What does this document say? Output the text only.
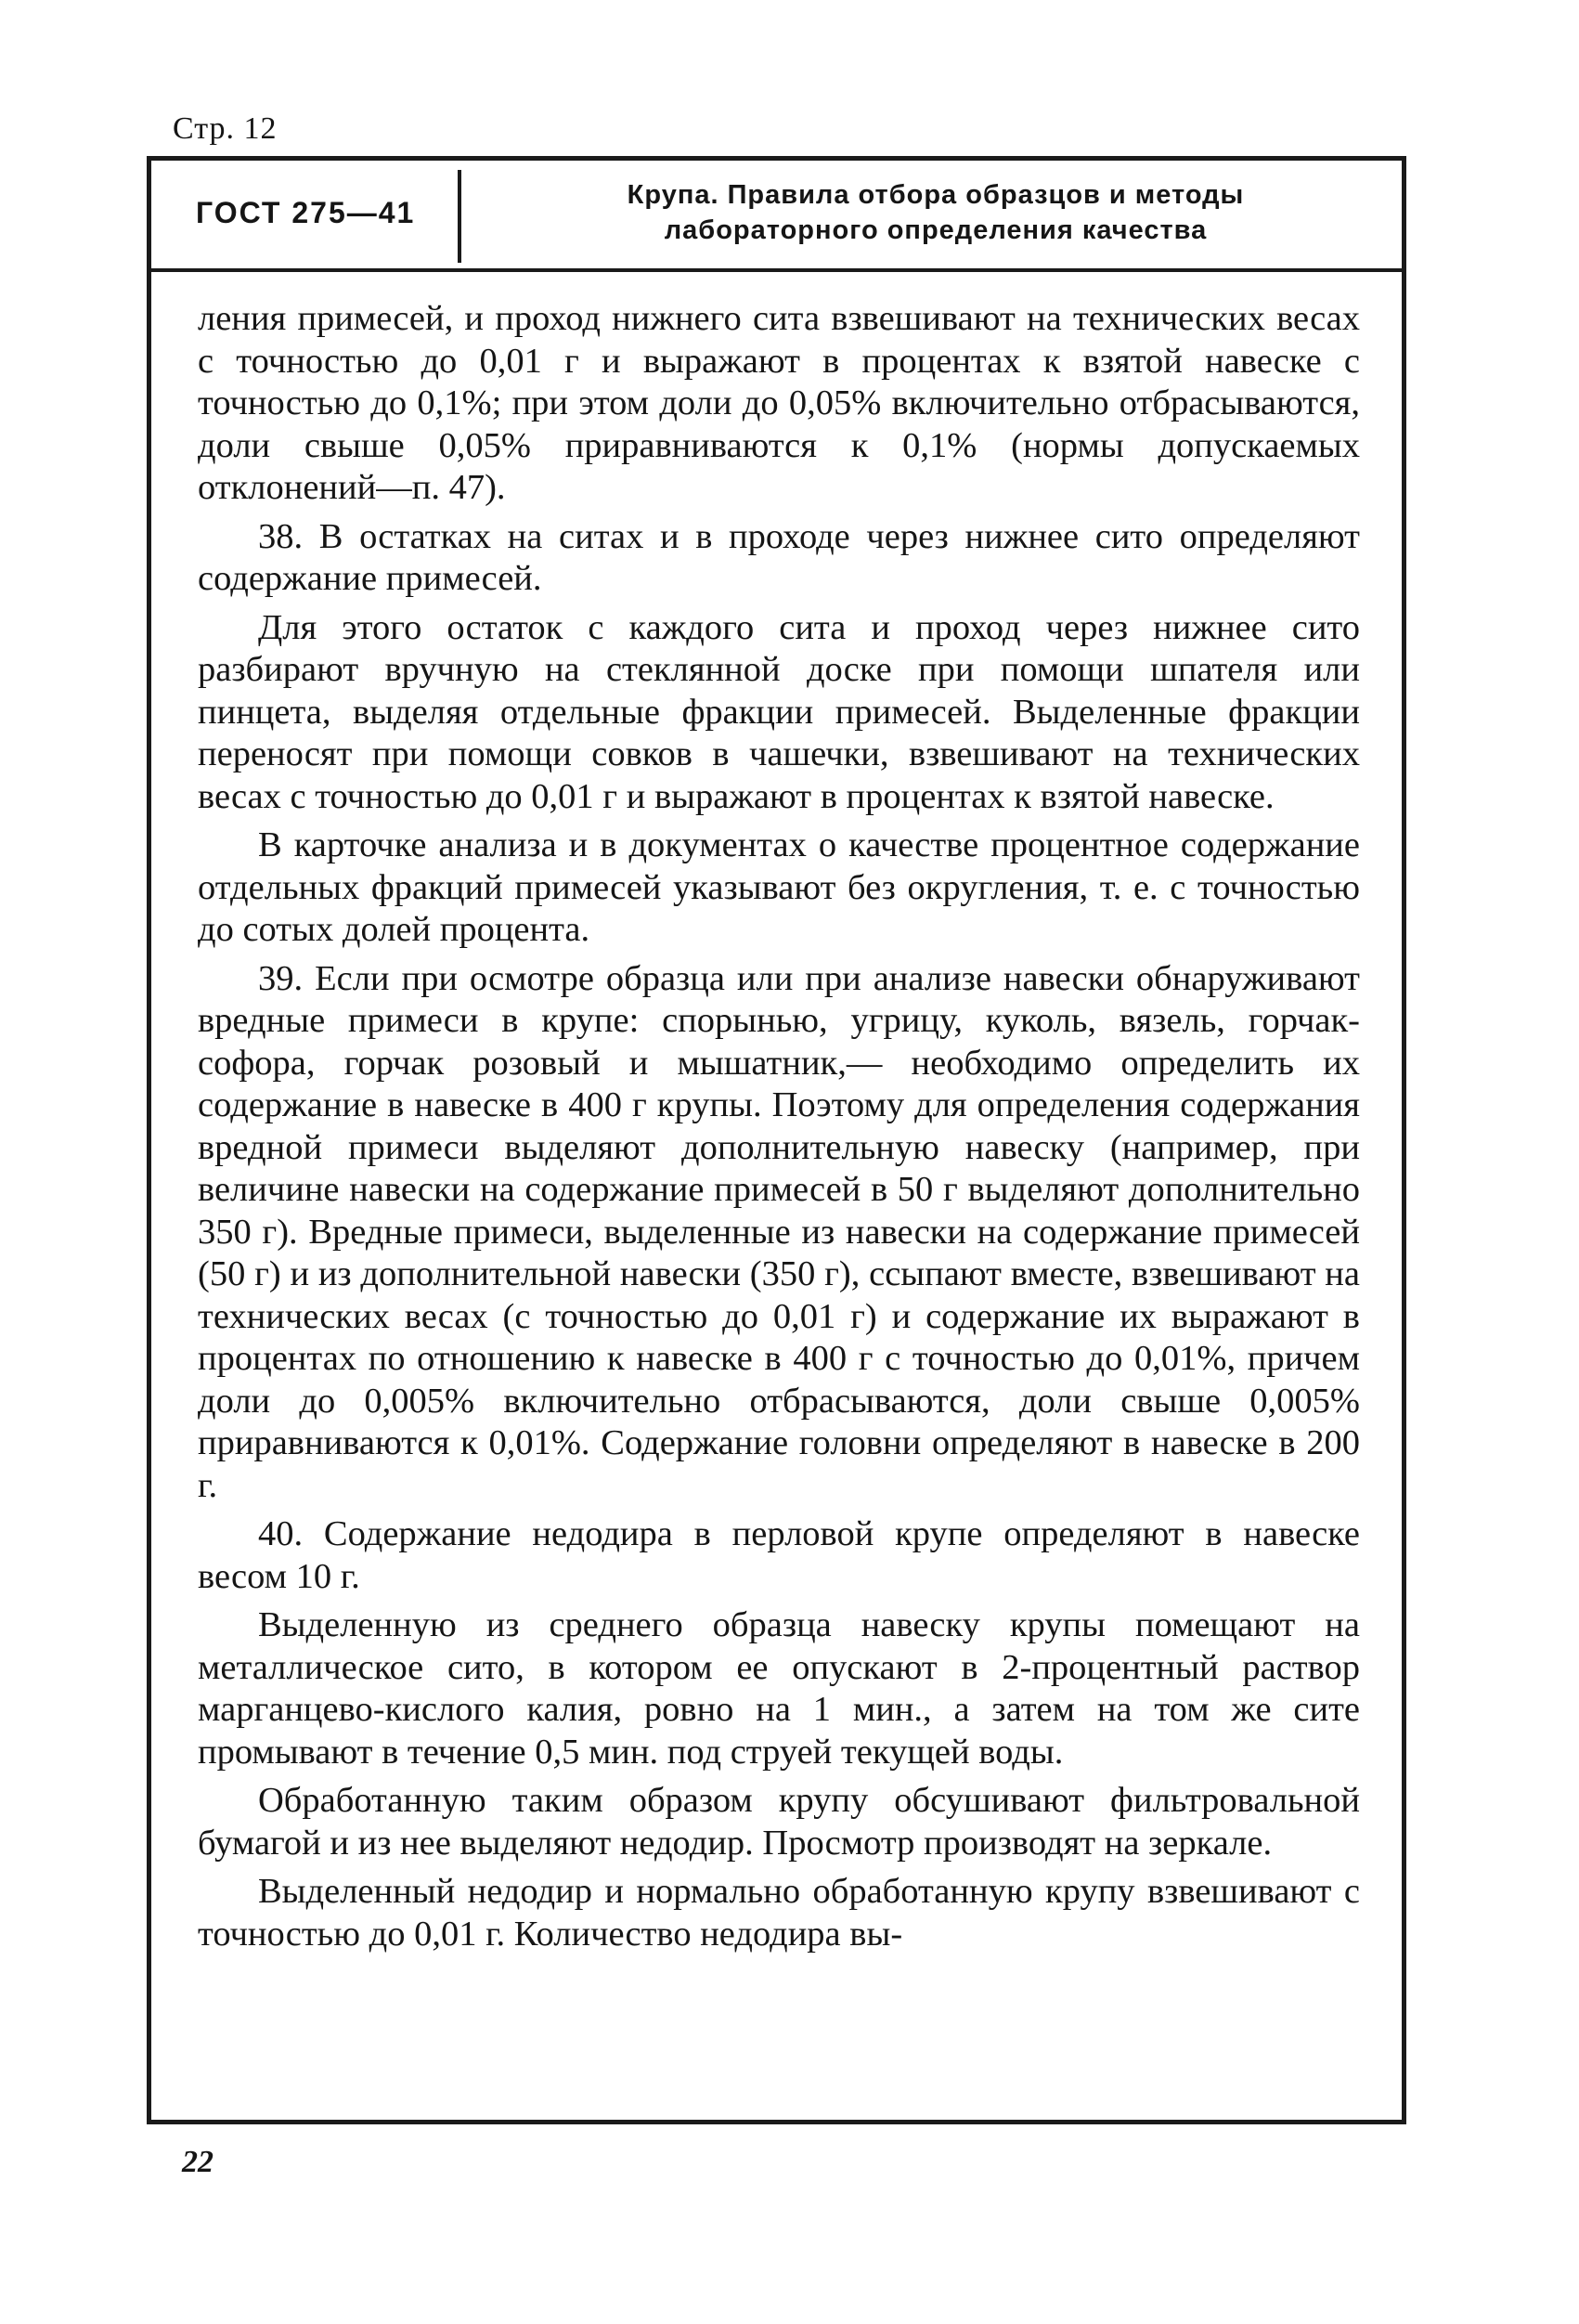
Стр. 12
ГОСТ 275—41
Крупа. Правила отбора образцов и методы
лабораторного определения качества

ления примесей, и проход нижнего сита взвешивают на технических весах с точностью до 0,01 г и выражают в процентах к взятой навеске с точностью до 0,1%; при этом доли до 0,05% включительно отбрасываются, доли свыше 0,05% приравниваются к 0,1% (нормы допускаемых отклонений—п. 47).

38. В остатках на ситах и в проходе через нижнее сито определяют содержание примесей.

Для этого остаток с каждого сита и проход через нижнее сито разбирают вручную на стеклянной доске при помощи шпателя или пинцета, выделяя отдельные фракции примесей. Выделенные фракции переносят при помощи совков в чашечки, взвешивают на технических весах с точностью до 0,01 г и выражают в процентах к взятой навеске.

В карточке анализа и в документах о качестве процентное содержание отдельных фракций примесей указывают без округления, т. е. с точностью до сотых долей процента.

39. Если при осмотре образца или при анализе навески обнаруживают вредные примеси в крупе: спорынью, угрицу, куколь, вязель, горчак-софора, горчак розовый и мышатник,— необходимо определить их содержание в навеске в 400 г крупы. Поэтому для определения содержания вредной примеси выделяют дополнительную навеску (например, при величине навески на содержание примесей в 50 г выделяют дополнительно 350 г). Вредные примеси, выделенные из навески на содержание примесей (50 г) и из дополнительной навески (350 г), ссыпают вместе, взвешивают на технических весах (с точностью до 0,01 г) и содержание их выражают в процентах по отношению к навеске в 400 г с точностью до 0,01%, причем доли до 0,005% включительно отбрасываются, доли свыше 0,005% приравниваются к 0,01%. Содержание головни определяют в навеске в 200 г.

40. Содержание недодира в перловой крупе определяют в навеске весом 10 г.

Выделенную из среднего образца навеску крупы помещают на металлическое сито, в котором ее опускают в 2-процентный раствор марганцево-кислого калия, ровно на 1 мин., а затем на том же сите промывают в течение 0,5 мин. под струей текущей воды.

Обработанную таким образом крупу обсушивают фильтровальной бумагой и из нее выделяют недодир. Просмотр производят на зеркале.

Выделенный недодир и нормально обработанную крупу взвешивают с точностью до 0,01 г. Количество недодира вы-

22
